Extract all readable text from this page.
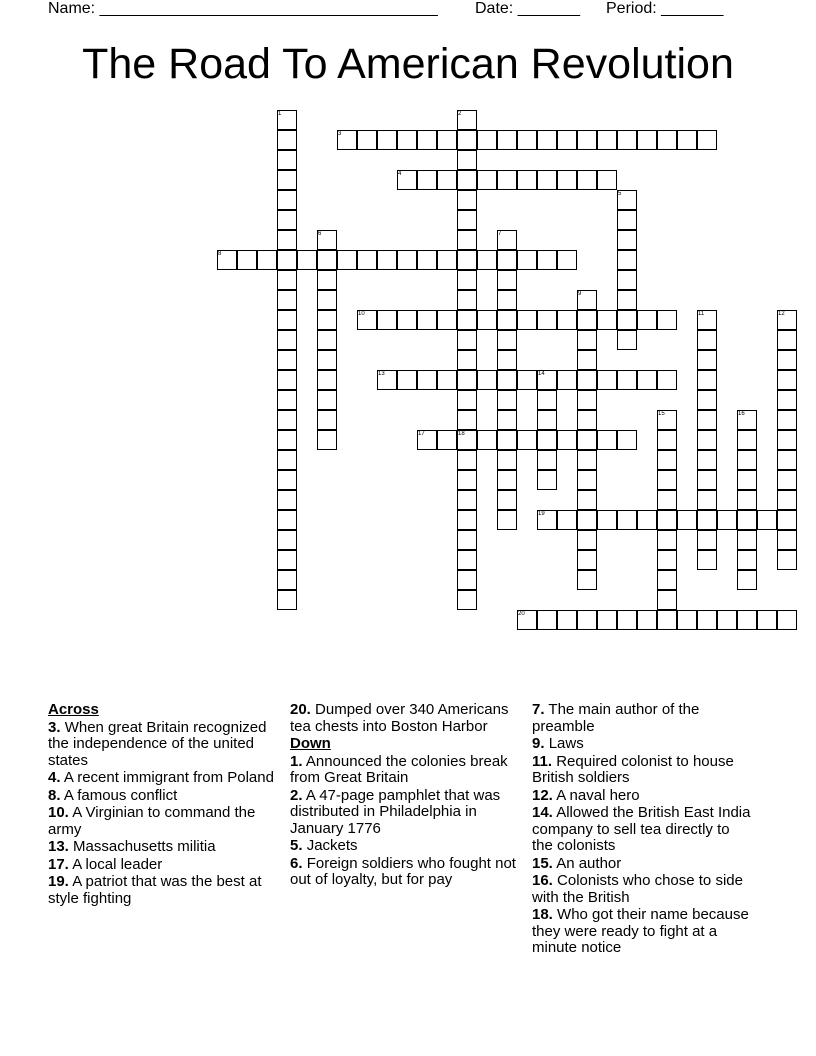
Name: ______________________________________ Date: _______ Period: _______
The Road To American Revolution
1	2
3
4
5
6	7
8
9
10	11	12
13	14
15	16
17	18
19
20
Across
3. When great Britain recognized the independence of the united states
4. A recent immigrant from Poland
8. A famous conflict
10. A Virginian to command the army
13. Massachusetts militia
17. A local leader
19. A patriot that was the best at style fighting
20. Dumped over 340 Americans tea chests into Boston Harbor
Down
1. Announced the colonies break from Great Britain
2. A 47-page pamphlet that was distributed in Philadelphia in January 1776
5. Jackets
6. Foreign soldiers who fought not out of loyalty, but for pay
7. The main author of the preamble
9. Laws
11. Required colonist to house British soldiers
12. A naval hero
14. Allowed the British East India company to sell tea directly to the colonists
15. An author
16. Colonists who chose to side with the British
18. Who got their name because they were ready to fight at a minute notice
